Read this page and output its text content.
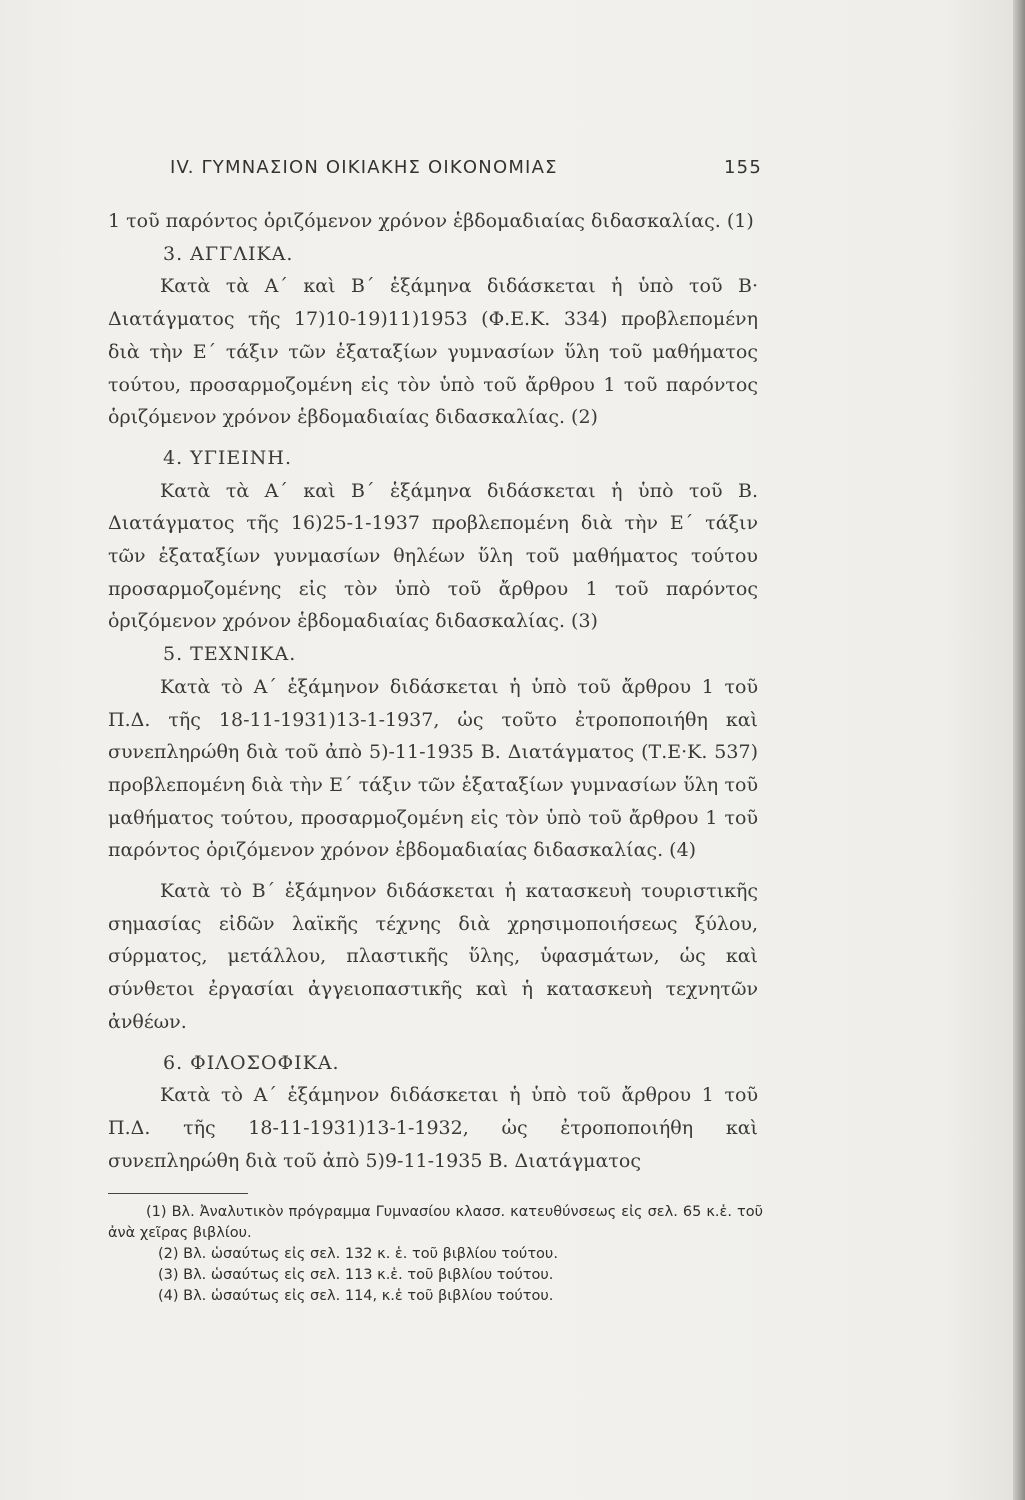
IV. ΓΥΜΝΑΣΙΟΝ ΟΙΚΙΑΚΗΣ ΟΙΚΟΝΟΜΙΑΣ	155

1 τοῦ παρόντος ὁριζόμενον χρόνον ἑβδομαδιαίας διδασκαλίας. (1)

3. ΑΓΓΛΙΚΑ.

Κατὰ τὰ Α΄ καὶ Β΄ ἑξάμηνα διδάσκεται ἡ ὑπὸ τοῦ Β· Διατάγματος τῆς 17)10-19)11)1953 (Φ.Ε.Κ. 334) προβλεπομένη διὰ τὴν Ε΄ τάξιν τῶν ἑξαταξίων γυμνασίων ὕλη τοῦ μαθήματος τούτου, προσαρμοζομένη εἰς τὸν ὑπὸ τοῦ ἄρθρου 1 τοῦ παρόντος ὁριζόμενον χρόνον ἑβδομαδιαίας διδασκαλίας. (2)

4. ΥΓΙΕΙΝΗ.

Κατὰ τὰ Α΄ καὶ Β΄ ἑξάμηνα διδάσκεται ἡ ὑπὸ τοῦ Β. Διατάγματος τῆς 16)25-1-1937 προβλεπομένη διὰ τὴν Ε΄ τάξιν τῶν ἑξαταξίων γυνμασίων θηλέων ὕλη τοῦ μαθήματος τούτου προσαρμοζομένης εἰς τὸν ὑπὸ τοῦ ἄρθρου 1 τοῦ παρόντος ὁριζόμενον χρόνον ἑβδομαδιαίας διδασκαλίας. (3)

5. ΤΕΧΝΙΚΑ.

Κατὰ τὸ Α΄ ἑξάμηνον διδάσκεται ἡ ὑπὸ τοῦ ἄρθρου 1 τοῦ Π.Δ. τῆς 18-11-1931)13-1-1937, ὡς τοῦτο ἐτροποποιήθη καὶ συνεπληρώθη διὰ τοῦ ἀπὸ 5)-11-1935 Β. Διατάγματος (Τ.Ε·Κ. 537) προβλεπομένη διὰ τὴν Ε΄ τάξιν τῶν ἑξαταξίων γυμνασίων ὕλη τοῦ μαθήματος τούτου, προσαρμοζομένη εἰς τὸν ὑπὸ τοῦ ἄρθρου 1 τοῦ παρόντος ὁριζόμενον χρόνον ἑβδομαδιαίας διδασκαλίας. (4)

Κατὰ τὸ Β΄ ἑξάμηνον διδάσκεται ἡ κατασκευὴ τουριστικῆς σημασίας εἰδῶν λαϊκῆς τέχνης διὰ χρησιμοποιήσεως ξύλου, σύρματος, μετάλλου, πλαστικῆς ὕλης, ὑφασμάτων, ὡς καὶ σύνθετοι ἐργασίαι ἀγγειοπαστικῆς καὶ ἡ κατασκευὴ τεχνητῶν ἀνθέων.

6. ΦΙΛΟΣΟΦΙΚΑ.

Κατὰ τὸ Α΄ ἑξάμηνον διδάσκεται ἡ ὑπὸ τοῦ ἄρθρου 1 τοῦ Π.Δ. τῆς 18-11-1931)13-1-1932, ὡς ἐτροποποιήθη καὶ συνεπληρώθη διὰ τοῦ ἀπὸ 5)9-11-1935 Β. Διατάγματος

(1) Βλ. Ἀναλυτικὸν πρόγραμμα Γυμνασίου κλασσ. κατευθύνσεως εἰς σελ. 65 κ.ἑ. τοῦ ἀνὰ χεῖρας βιβλίου.

(2) Βλ. ὡσαύτως εἰς σελ. 132 κ. ἑ. τοῦ βιβλίου τούτου.

(3) Βλ. ὡσαύτως εἰς σελ. 113 κ.ἑ. τοῦ βιβλίου τούτου.

(4) Βλ. ὡσαύτως εἰς σελ. 114, κ.ἑ τοῦ βιβλίου τούτου.
